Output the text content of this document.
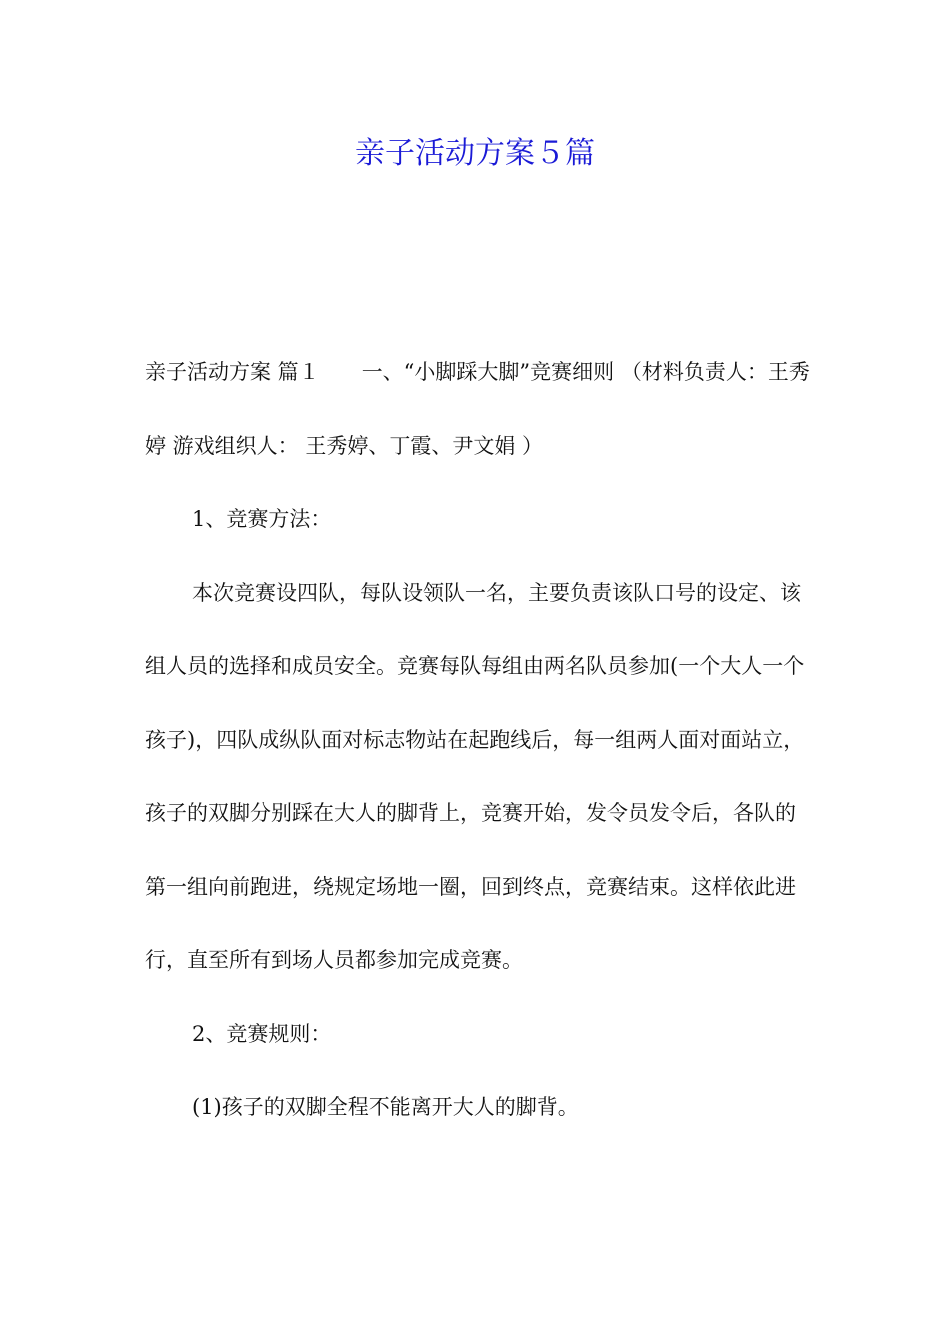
亲子活动方案５篇

亲子活动方案 篇１ 一、“小脚踩大脚”竞赛细则 （材料负责人：王秀婷 游戏组织人： 王秀婷、丁霞、尹文娟 ）

1、竞赛方法：

本次竞赛设四队，每队设领队一名，主要负责该队口号的设定、该组人员的选择和成员安全。竞赛每队每组由两名队员参加(一个大人一个孩子)，四队成纵队面对标志物站在起跑线后，每一组两人面对面站立，孩子的双脚分别踩在大人的脚背上，竞赛开始，发令员发令后，各队的第一组向前跑进，绕规定场地一圈，回到终点，竞赛结束。这样依此进行，直至所有到场人员都参加完成竞赛。

2、竞赛规则：

(1)孩子的双脚全程不能离开大人的脚背。
